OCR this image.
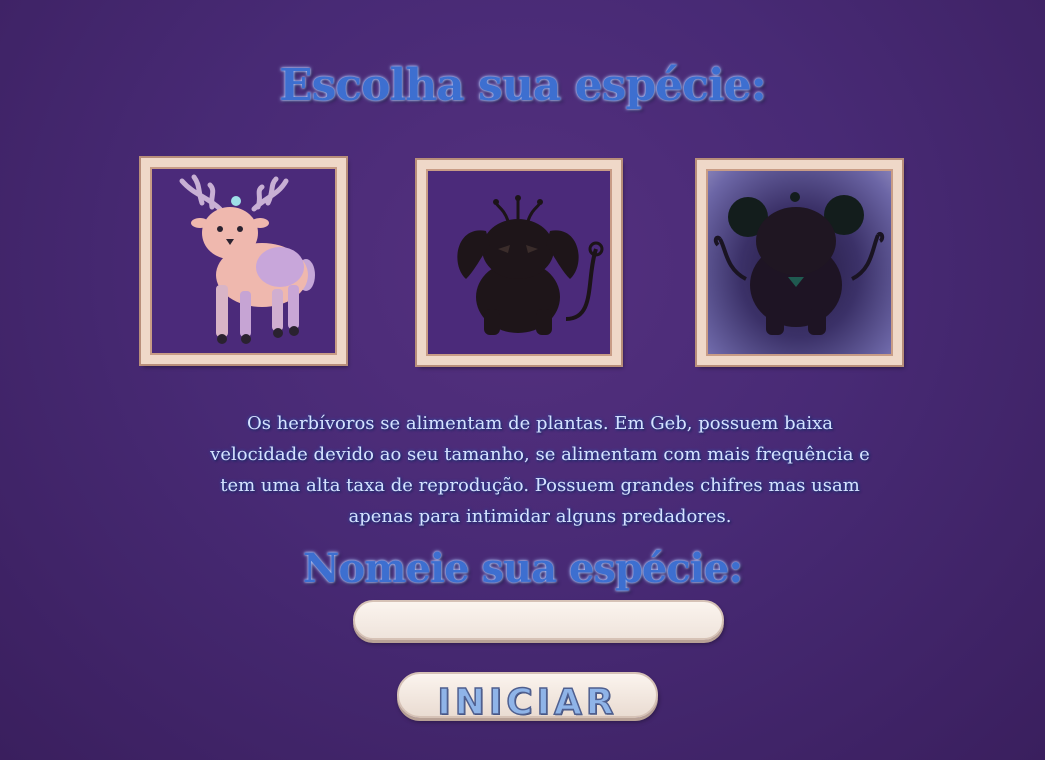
Escolha sua espécie:
Os herbívoros se alimentam de plantas. Em Geb, possuem baixa velocidade devido ao seu tamanho, se alimentam com mais frequência e tem uma alta taxa de reprodução. Possuem grandes chifres mas usam apenas para intimidar alguns predadores.
Nomeie sua espécie:
INICIAR
